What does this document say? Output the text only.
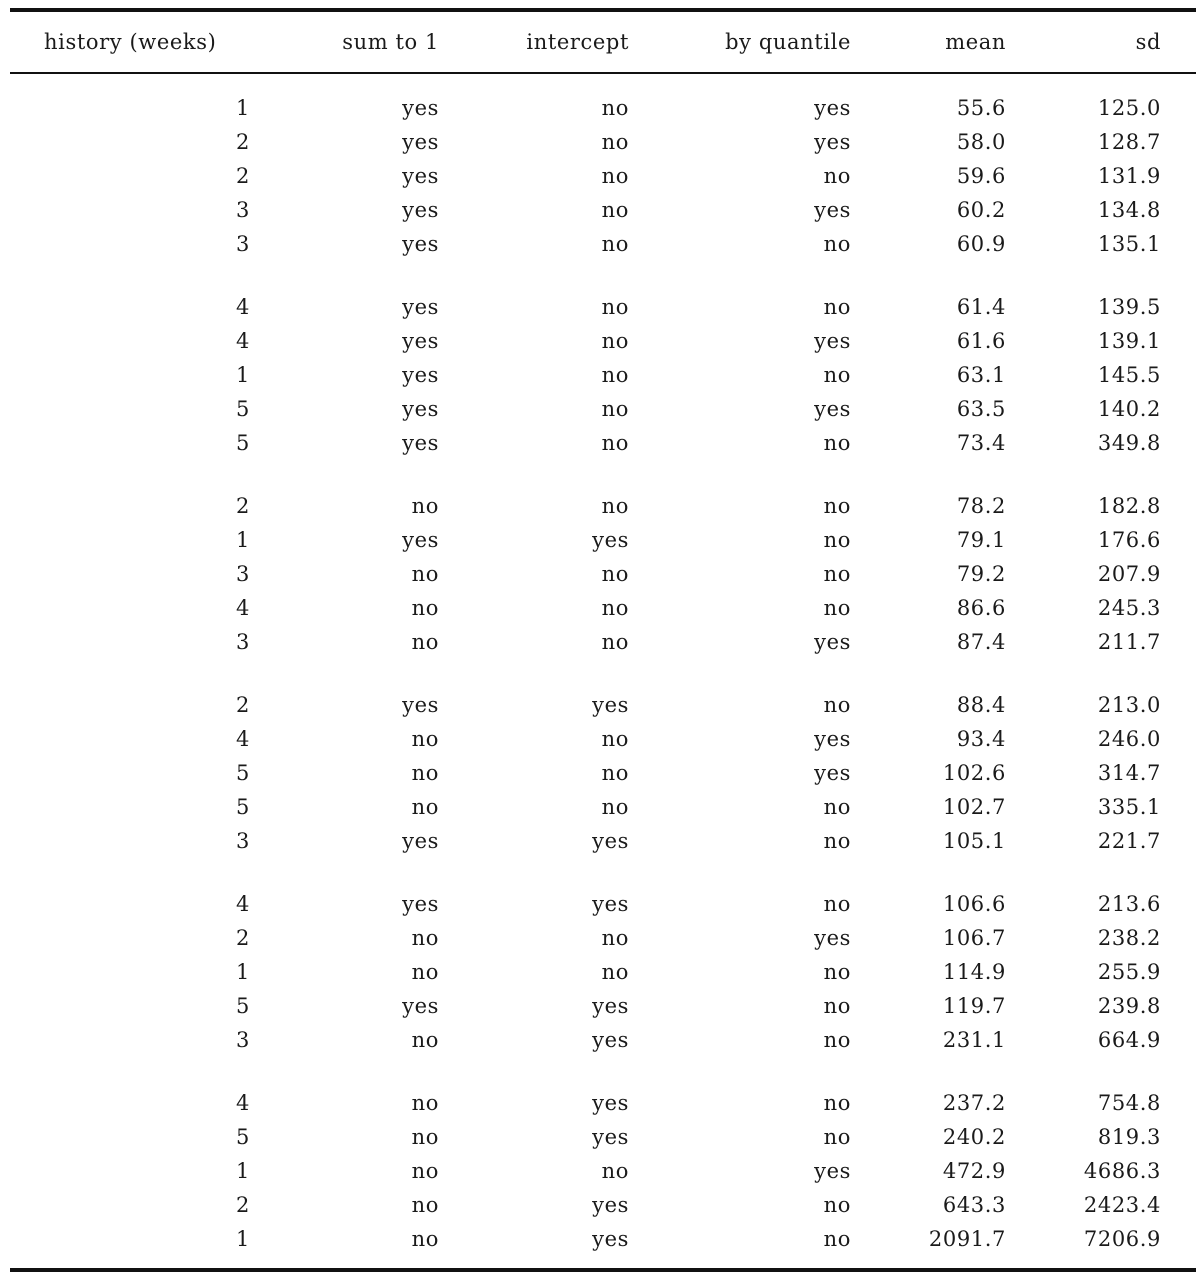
history (weeks)	sum to 1	intercept	by quantile	mean	sd
1	yes	no	yes	55.6	125.0
2	yes	no	yes	58.0	128.7
2	yes	no	no	59.6	131.9
3	yes	no	yes	60.2	134.8
3	yes	no	no	60.9	135.1
4	yes	no	no	61.4	139.5
4	yes	no	yes	61.6	139.1
1	yes	no	no	63.1	145.5
5	yes	no	yes	63.5	140.2
5	yes	no	no	73.4	349.8
2	no	no	no	78.2	182.8
1	yes	yes	no	79.1	176.6
3	no	no	no	79.2	207.9
4	no	no	no	86.6	245.3
3	no	no	yes	87.4	211.7
2	yes	yes	no	88.4	213.0
4	no	no	yes	93.4	246.0
5	no	no	yes	102.6	314.7
5	no	no	no	102.7	335.1
3	yes	yes	no	105.1	221.7
4	yes	yes	no	106.6	213.6
2	no	no	yes	106.7	238.2
1	no	no	no	114.9	255.9
5	yes	yes	no	119.7	239.8
3	no	yes	no	231.1	664.9
4	no	yes	no	237.2	754.8
5	no	yes	no	240.2	819.3
1	no	no	yes	472.9	4686.3
2	no	yes	no	643.3	2423.4
1	no	yes	no	2091.7	7206.9
